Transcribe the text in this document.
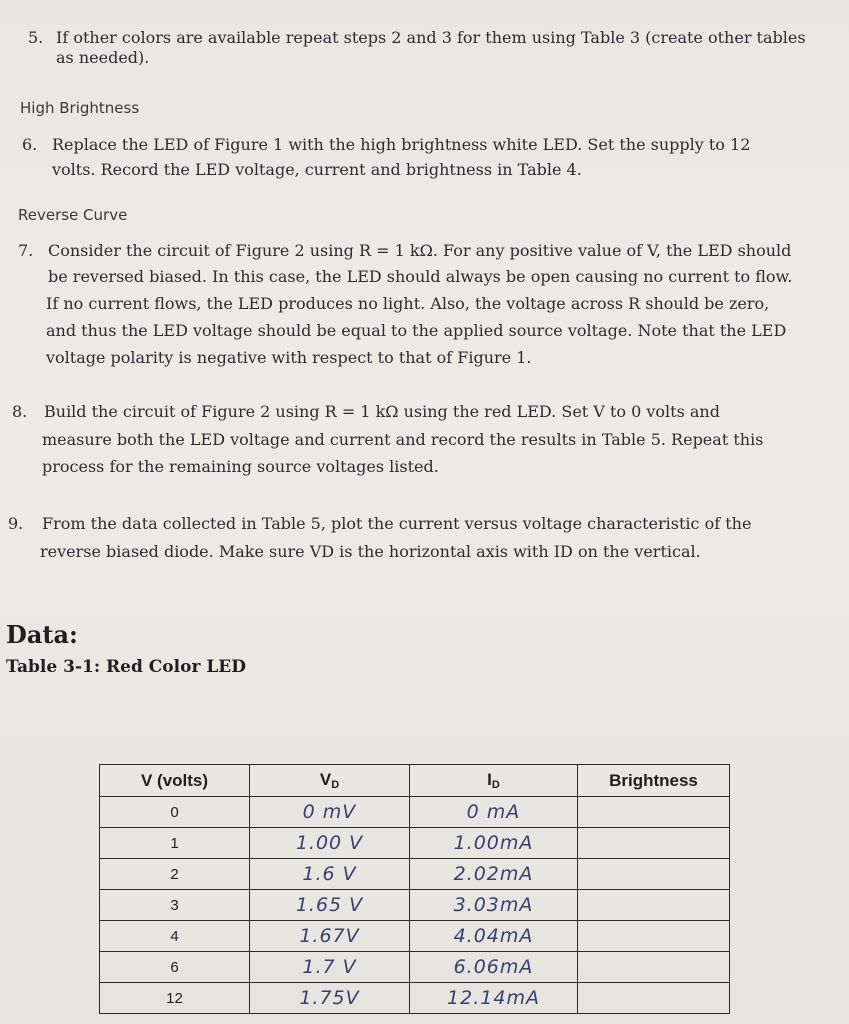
5. If other colors are available repeat steps 2 and 3 for them using Table 3 (create other tables
as needed).
High Brightness
6. Replace the LED of Figure 1 with the high brightness white LED. Set the supply to 12
volts. Record the LED voltage, current and brightness in Table 4.
Reverse Curve
7. Consider the circuit of Figure 2 using R = 1 kΩ. For any positive value of V, the LED should
be reversed biased. In this case, the LED should always be open causing no current to flow.
If no current flows, the LED produces no light. Also, the voltage across R should be zero,
and thus the LED voltage should be equal to the applied source voltage. Note that the LED
voltage polarity is negative with respect to that of Figure 1.
8. Build the circuit of Figure 2 using R = 1 kΩ using the red LED. Set V to 0 volts and
measure both the LED voltage and current and record the results in Table 5. Repeat this
process for the remaining source voltages listed.
9. From the data collected in Table 5, plot the current versus voltage characteristic of the
reverse biased diode. Make sure VD is the horizontal axis with ID on the vertical.
Data:
Table 3-1: Red Color LED
V (volts)	$V_D$	$I_D$	Brightness
0	0 mV	0 mA	
1	1.00 V	1.00mA	
2	1.6 V	2.02mA	
3	1.65 V	3.03mA	
4	1.67V	4.04mA	
6	1.7 V	6.06mA	
12	1.75V	12.14mA	
